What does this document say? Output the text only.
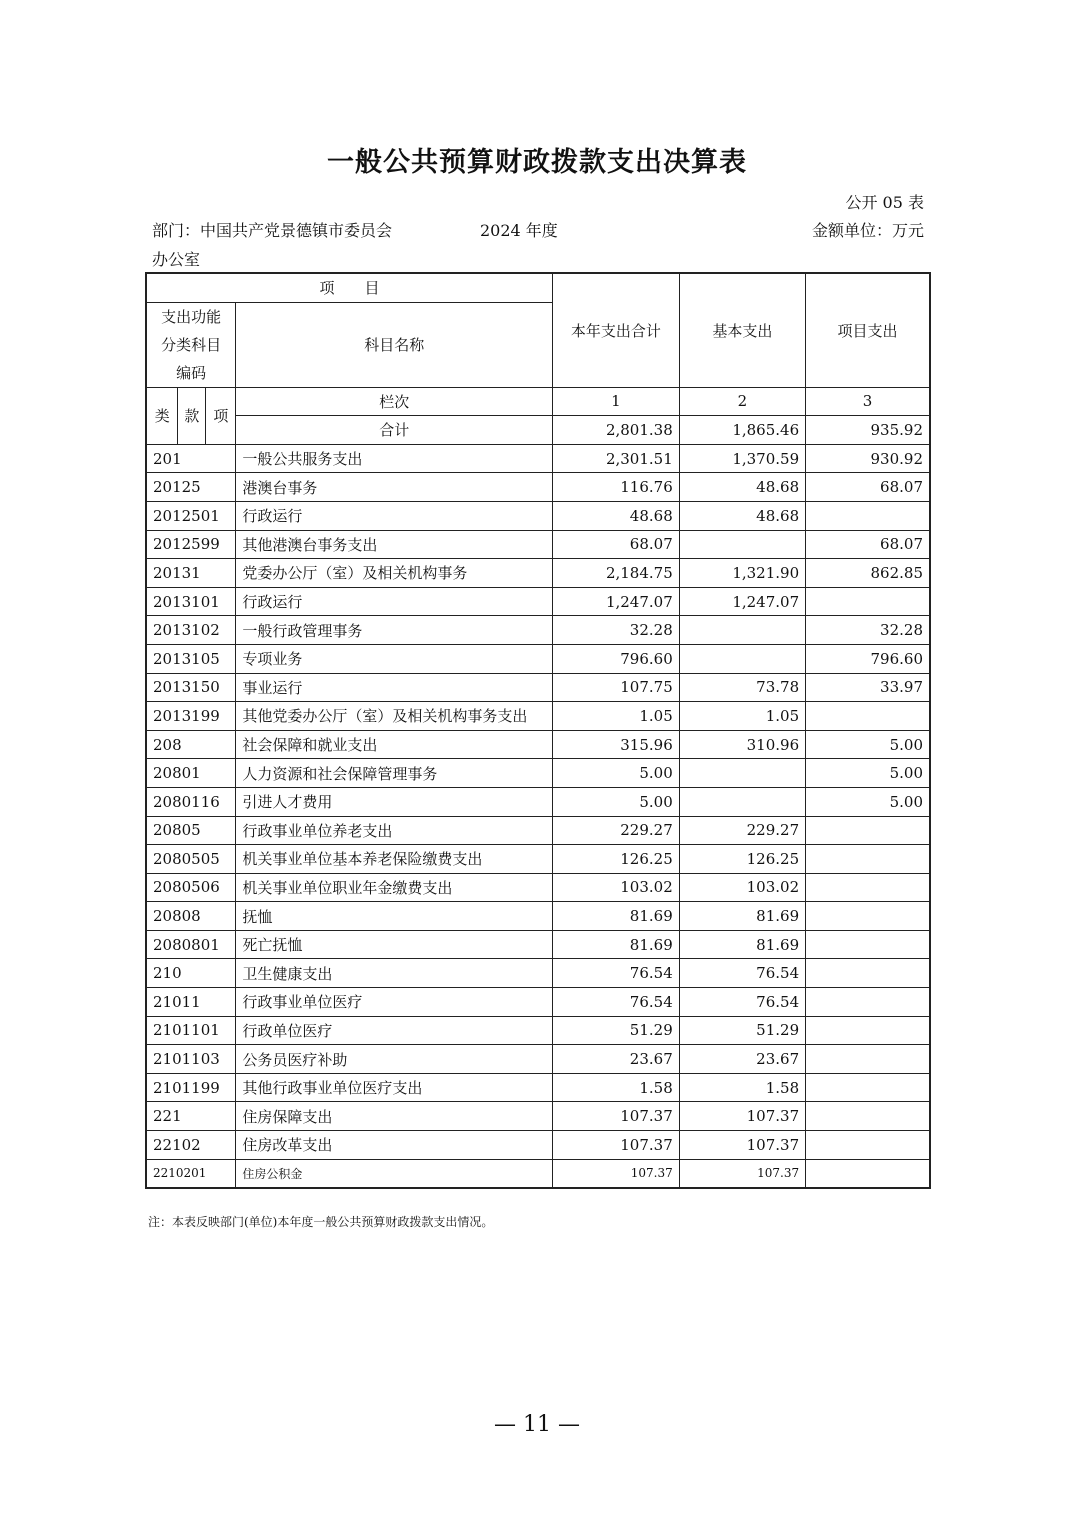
一般公共预算财政拨款支出决算表
公开 05 表
部门：中国共产党景德镇市委员会
办公室
2024 年度	金额单位：万元
项　　目				本年支出合计	基本支出	项目支出
支出功能分类科目编码			科目名称			
类	款	项	栏次	1	2	3
			合计	2,801.38	1,865.46	935.92
201			一般公共服务支出	2,301.51	1,370.59	930.92
20125			港澳台事务	116.76	48.68	68.07
2012501			行政运行	48.68	48.68	
2012599			其他港澳台事务支出	68.07		68.07
20131			党委办公厅（室）及相关机构事务	2,184.75	1,321.90	862.85
2013101			行政运行	1,247.07	1,247.07	
2013102			一般行政管理事务	32.28		32.28
2013105			专项业务	796.60		796.60
2013150			事业运行	107.75	73.78	33.97
2013199			其他党委办公厅（室）及相关机构事务支出	1.05	1.05	
208			社会保障和就业支出	315.96	310.96	5.00
20801			人力资源和社会保障管理事务	5.00		5.00
2080116			引进人才费用	5.00		5.00
20805			行政事业单位养老支出	229.27	229.27	
2080505			机关事业单位基本养老保险缴费支出	126.25	126.25	
2080506			机关事业单位职业年金缴费支出	103.02	103.02	
20808			抚恤	81.69	81.69	
2080801			死亡抚恤	81.69	81.69	
210			卫生健康支出	76.54	76.54	
21011			行政事业单位医疗	76.54	76.54	
2101101			行政单位医疗	51.29	51.29	
2101103			公务员医疗补助	23.67	23.67	
2101199			其他行政事业单位医疗支出	1.58	1.58	
221			住房保障支出	107.37	107.37	
22102			住房改革支出	107.37	107.37	
2210201			住房公积金	107.37	107.37	
注：本表反映部门(单位)本年度一般公共预算财政拨款支出情况。
— 11 —
